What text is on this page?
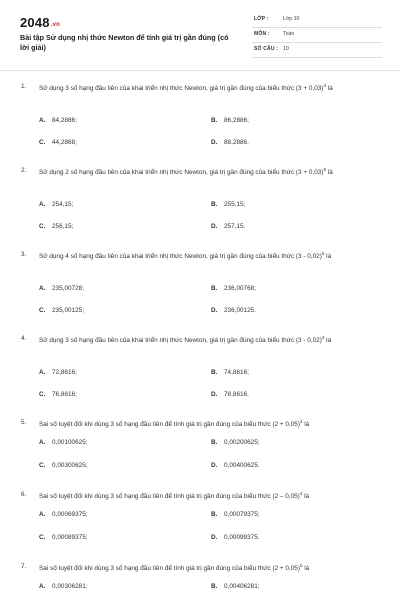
2048.vn
Bài tập Sử dụng nhị thức Newton để tính giá trị gần đúng (có lời giải)
LỚP :	Lớp 10
MÔN :	Toán
SỐ CÂU : 10
1. Sử dụng 3 số hạng đầu tiên của khai triển nhị thức Newton, giá trị gần đúng của biểu thức $(3 + 0,03)^4$ là
A. 84,2886;	B. 86,2886;
C. 44,2868;	D. 88,2886.
2. Sử dụng 2 số hạng đầu tiên của khai triển nhị thức Newton, giá trị gần đúng của biểu thức $(3 + 0,03)^5$ là
A. 254,15;	B. 255,15;
C. 256,15;	D. 257,15.
3. Sử dụng 4 số hạng đầu tiên của khai triển nhị thức Newton, giá trị gần đúng của biểu thức (3 - 0,02)$^5$ là
A. 235,00728;	B. 236,00768;
C. 235,00125;	D. 236,00125.
4. Sử dụng 3 số hạng đầu tiên của khai triển nhị thức Newton, giá trị gần đúng của biểu thức (3 - 0,02)$^4$ là
A. 72,8616;	B. 74,8616;
C. 76,8616;	D. 78,8616.
5. Sai số tuyệt đối khi dùng 3 số hạng đầu tiên để tính giá trị gần đúng của biểu thức $(2 + 0,05)^4$ là
A. 0,00100625;	B. 0,00200625;
C. 0,00300625;	D. 0,00400625.
6. Sai số tuyệt đối khi dùng 3 số hạng đầu tiên để tính giá trị gần đúng của biểu thức (2 – 0,05)$^4$ là
A. 0,00069375;	B. 0,00079375;
C. 0,00089375;	D. 0,00099375.
7. Sai số tuyệt đối khi dùng 3 số hạng đầu tiên để tính giá trị gần đúng của biểu thức $(2 + 0,05)^5$ là
A. 0,00306281;	B. 0,00406281;
